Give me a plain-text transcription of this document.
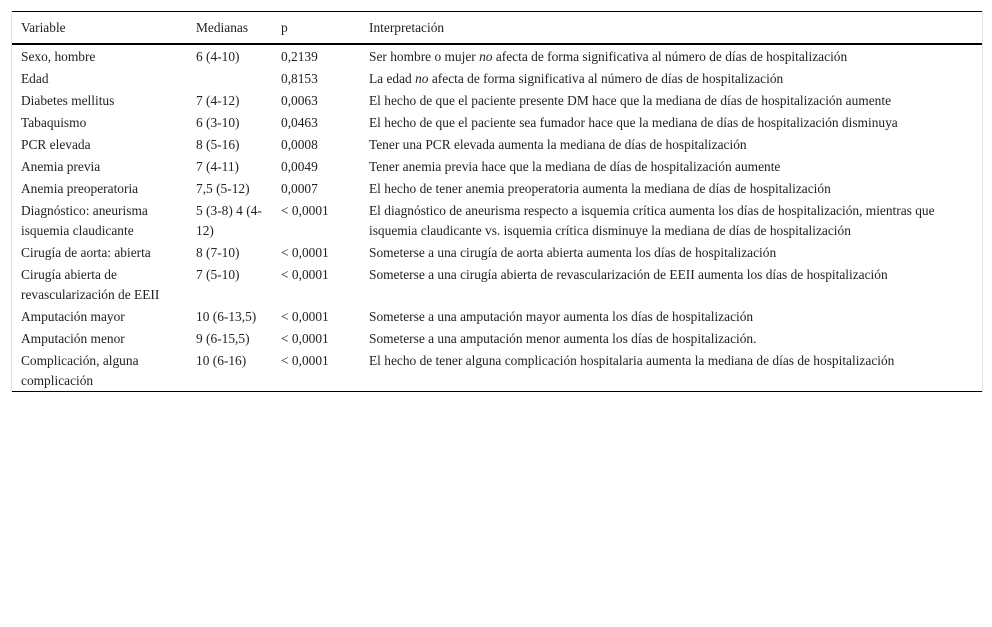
Variable	Medianas	p	Interpretación
Sexo, hombre	6 (4-10)	0,2139	Ser hombre o mujer no afecta de forma significativa al número de días de hospitalización
Edad		0,8153	La edad no afecta de forma significativa al número de días de hospitalización
Diabetes mellitus	7 (4-12)	0,0063	El hecho de que el paciente presente DM hace que la mediana de días de hospitalización aumente
Tabaquismo	6 (3-10)	0,0463	El hecho de que el paciente sea fumador hace que la mediana de días de hospitalización disminuya
PCR elevada	8 (5-16)	0,0008	Tener una PCR elevada aumenta la mediana de días de hospitalización
Anemia previa	7 (4-11)	0,0049	Tener anemia previa hace que la mediana de días de hospitalización aumente
Anemia preoperatoria	7,5 (5-12)	0,0007	El hecho de tener anemia preoperatoria aumenta la mediana de días de hospitalización
Diagnóstico: aneurisma isquemia claudicante	5 (3-8) 4 (4-12)	< 0,0001	El diagnóstico de aneurisma respecto a isquemia crítica aumenta los días de hospitalización, mientras que isquemia claudicante vs. isquemia crítica disminuye la mediana de días de hospitalización
Cirugía de aorta: abierta	8 (7-10)	< 0,0001	Someterse a una cirugía de aorta abierta aumenta los días de hospitalización
Cirugía abierta de revascularización de EEII	7 (5-10)	< 0,0001	Someterse a una cirugía abierta de revascularización de EEII aumenta los días de hospitalización
Amputación mayor	10 (6-13,5)	< 0,0001	Someterse a una amputación mayor aumenta los días de hospitalización
Amputación menor	9 (6-15,5)	< 0,0001	Someterse a una amputación menor aumenta los días de hospitalización.
Complicación, alguna complicación	10 (6-16)	< 0,0001	El hecho de tener alguna complicación hospitalaria aumenta la mediana de días de hospitalización
